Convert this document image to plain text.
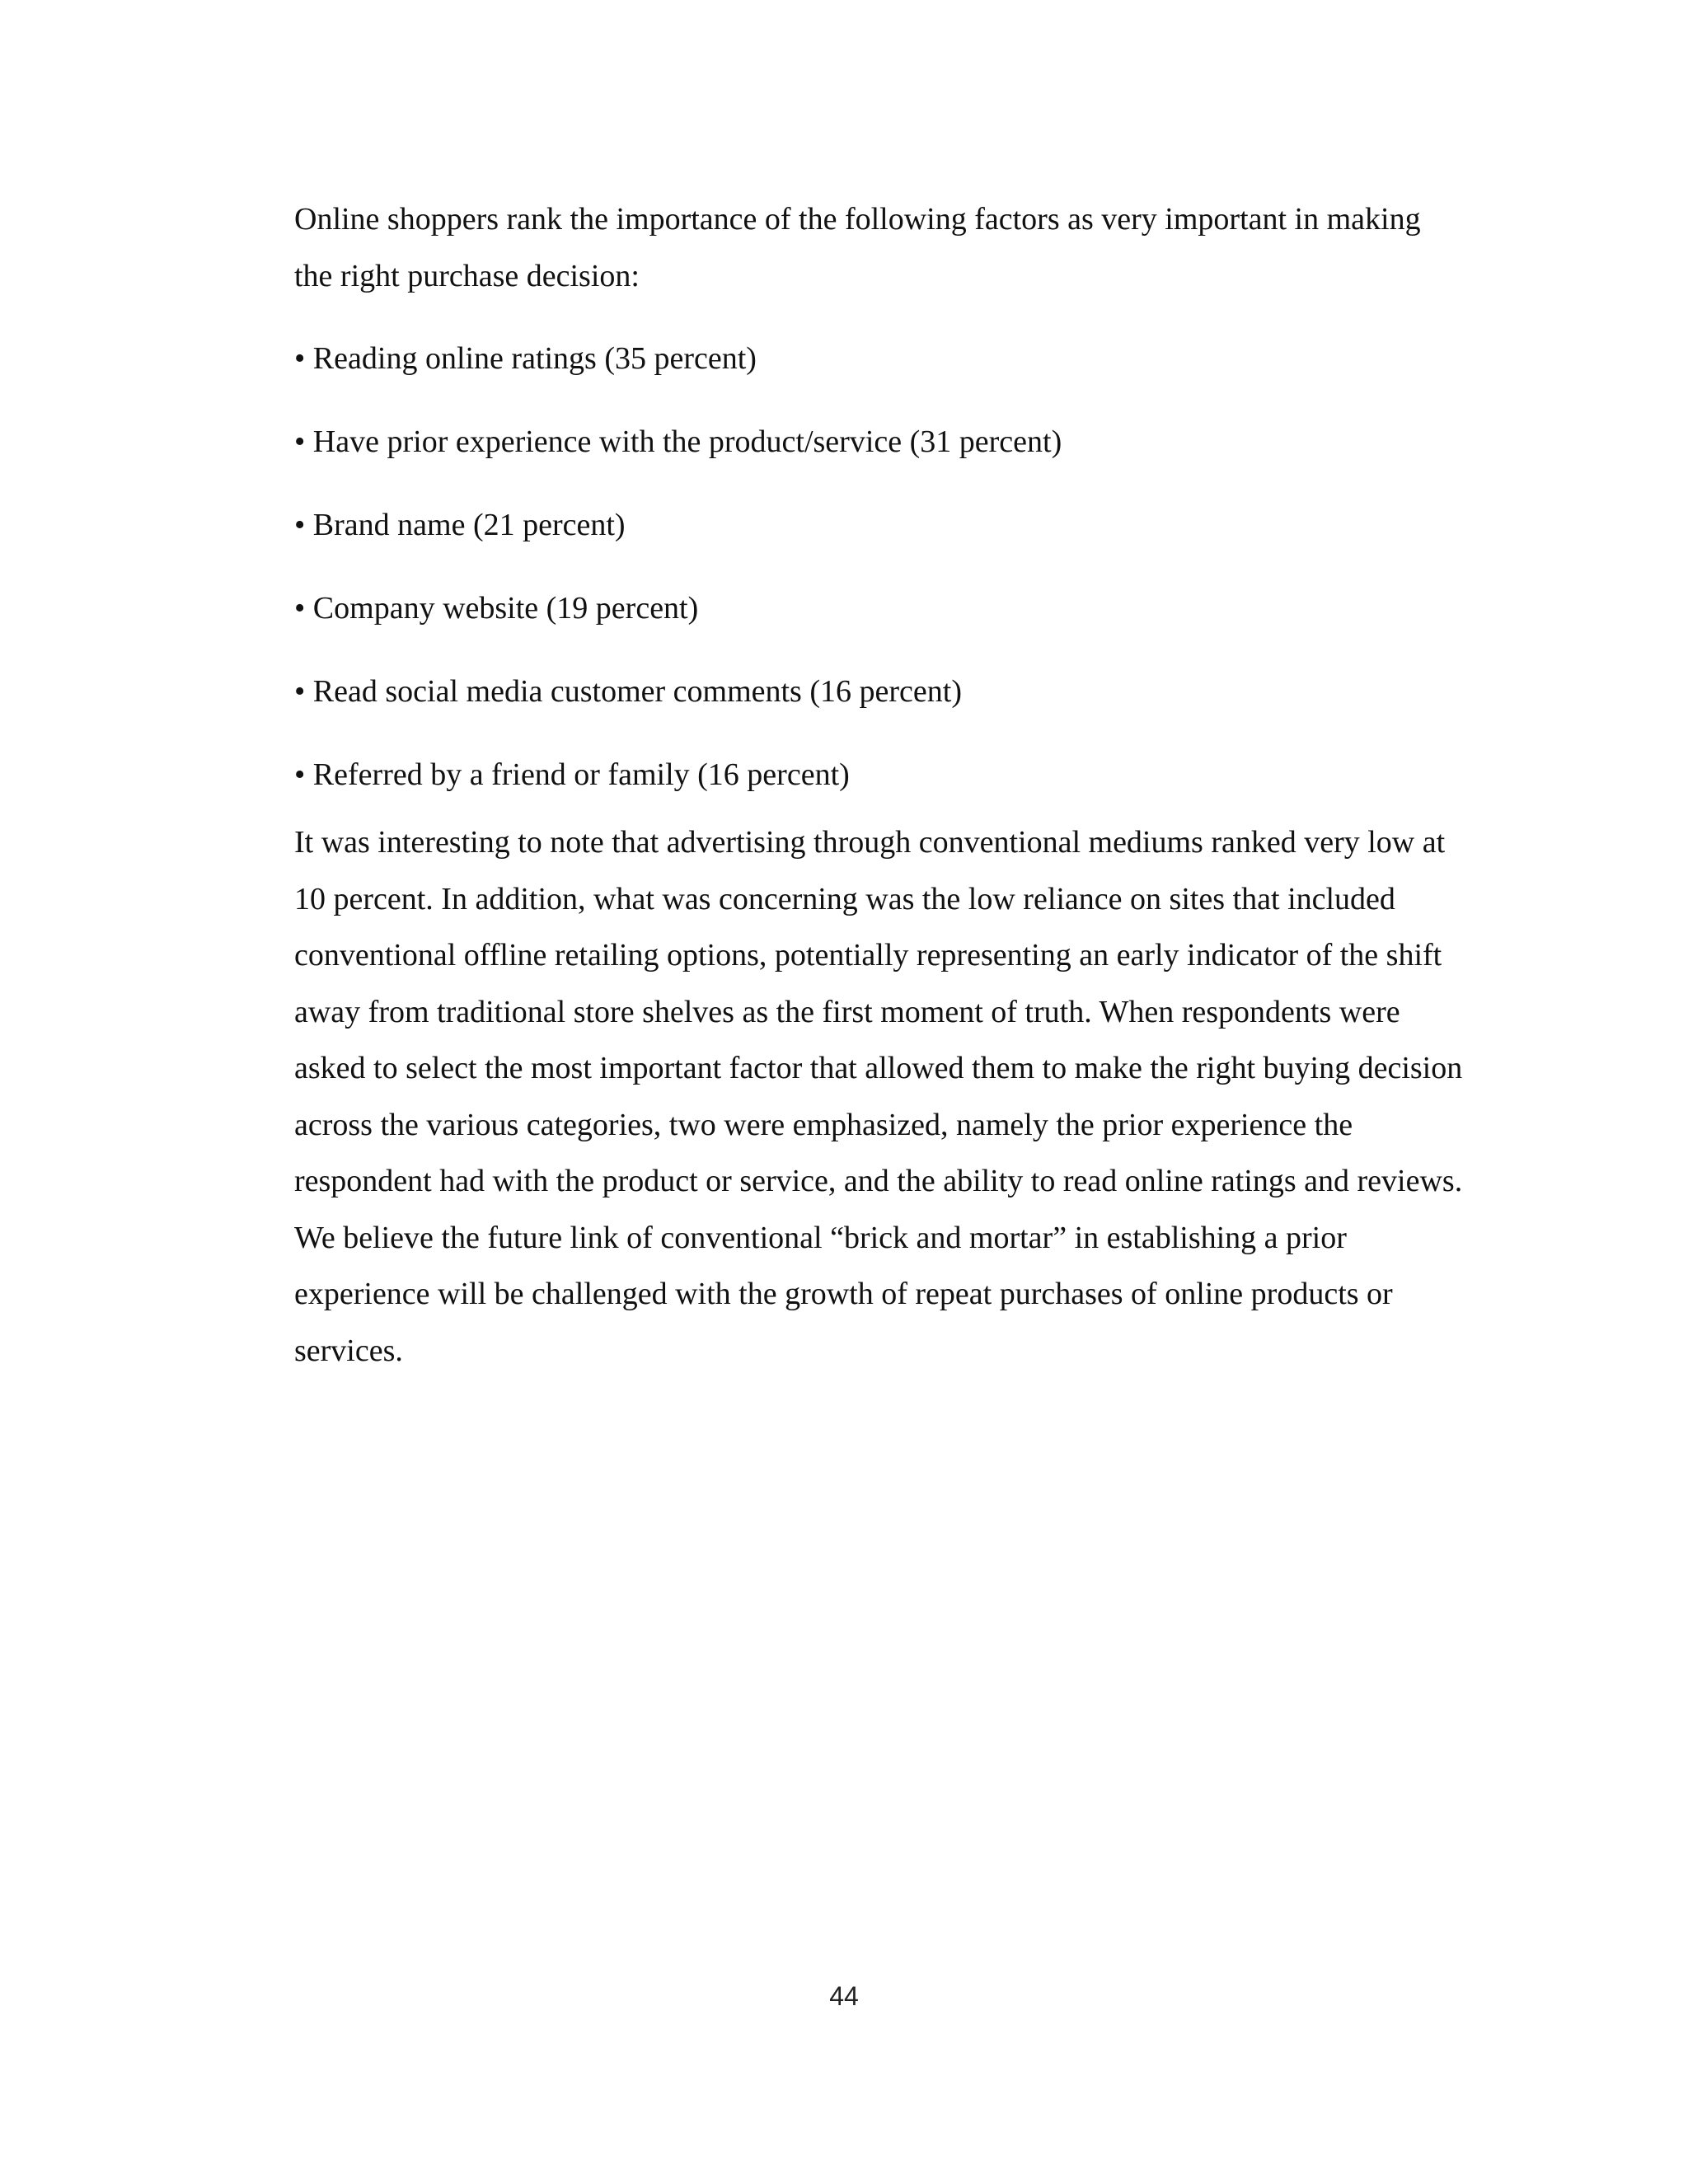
Online shoppers rank the importance of the following factors as very important in making the right purchase decision:

• Reading online ratings (35 percent)
• Have prior experience with the product/service (31 percent)
• Brand name (21 percent)
• Company website (19 percent)
• Read social media customer comments (16 percent)
• Referred by a friend or family (16 percent)

It was interesting to note that advertising through conventional mediums ranked very low at 10 percent. In addition, what was concerning was the low reliance on sites that included conventional offline retailing options, potentially representing an early indicator of the shift away from traditional store shelves as the first moment of truth. When respondents were asked to select the most important factor that allowed them to make the right buying decision across the various categories, two were emphasized, namely the prior experience the respondent had with the product or service, and the ability to read online ratings and reviews. We believe the future link of conventional “brick and mortar” in establishing a prior experience will be challenged with the growth of repeat purchases of online products or services.

44
